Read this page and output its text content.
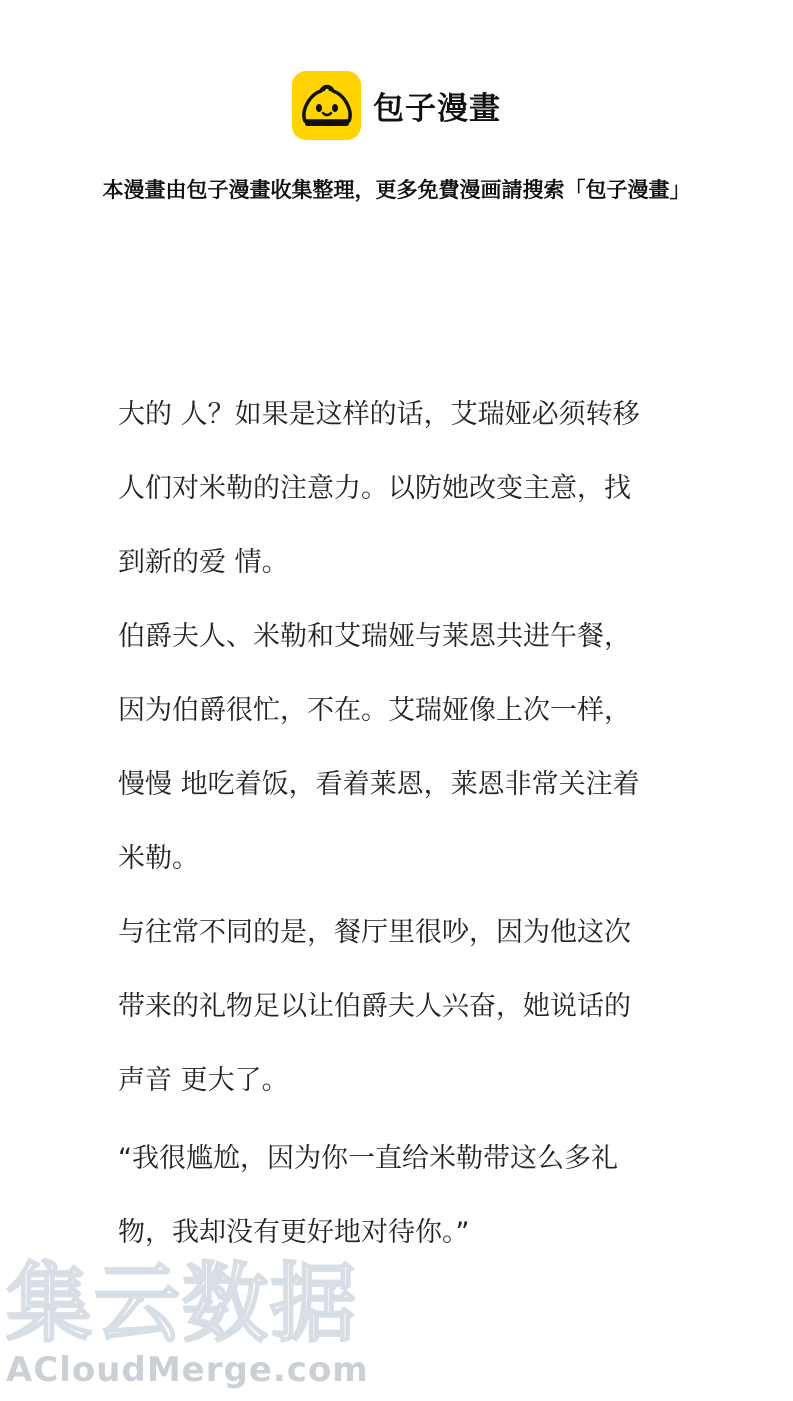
包子漫畫
本漫畫由包子漫畫收集整理，更多免費漫画請搜索「包子漫畫」

大的 人？如果是这样的话，艾瑞娅必须转移

人们对米勒的注意力。以防她改变主意，找

到新的爱 情。

伯爵夫人、米勒和艾瑞娅与莱恩共进午餐，

因为伯爵很忙，不在。艾瑞娅像上次一样，

慢慢 地吃着饭，看着莱恩，莱恩非常关注着

米勒。

与往常不同的是，餐厅里很吵，因为他这次

带来的礼物足以让伯爵夫人兴奋，她说话的

声音 更大了。

“我很尴尬，因为你一直给米勒带这么多礼

物，我却没有更好地对待你。”

集云数据
ACloudMerge.com
